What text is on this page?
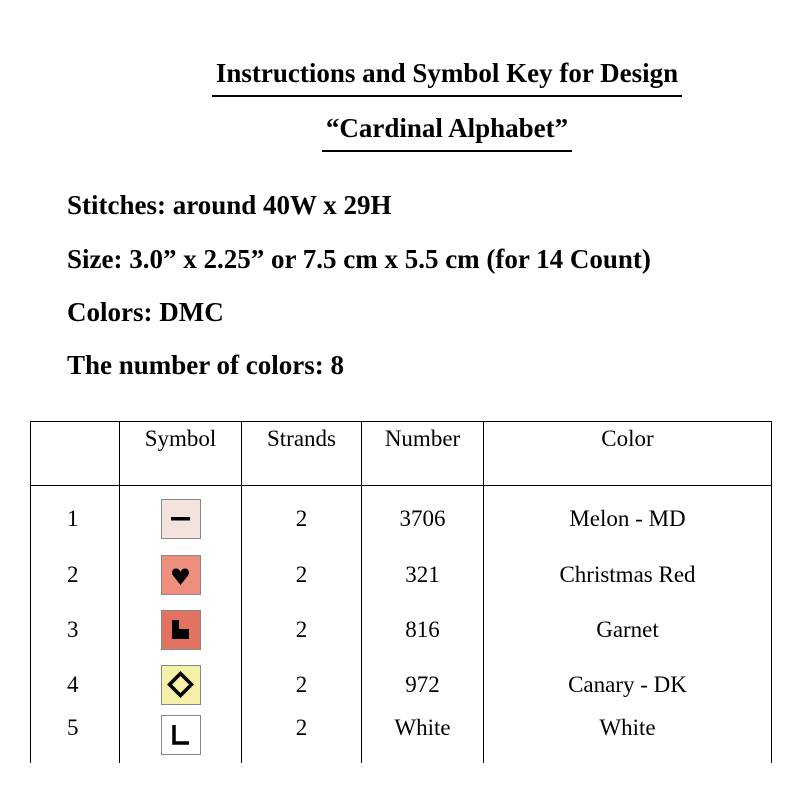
Instructions and Symbol Key for Design
“Cardinal Alphabet”
Stitches: around 40W x 29H
Size: 3.0” x 2.25” or 7.5 cm x 5.5 cm (for 14 Count)
Colors: DMC
The number of colors: 8
	Symbol	Strands	Number	Color
1		2	3706	Melon - MD
2		2	321	Christmas Red
3		2	816	Garnet
4		2	972	Canary - DK
5		2	White	White
